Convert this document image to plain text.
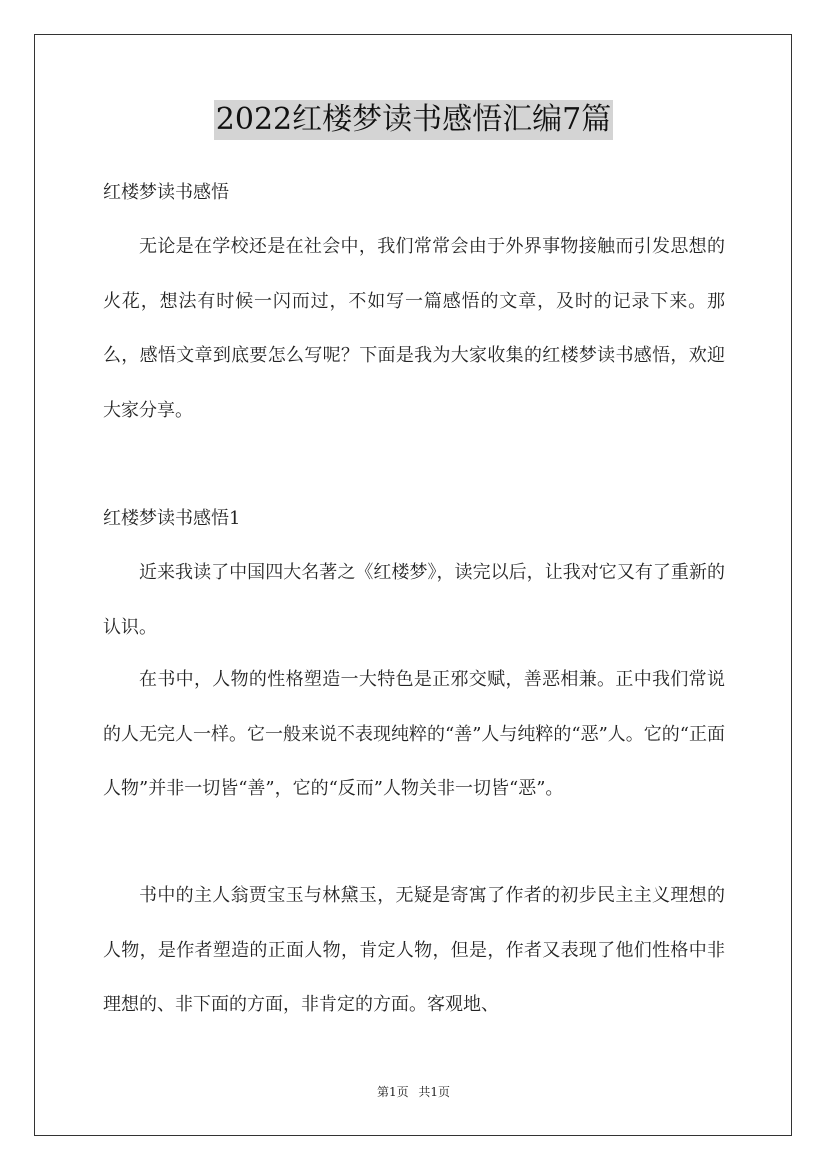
2022红楼梦读书感悟汇编7篇
红楼梦读书感悟

无论是在学校还是在社会中，我们常常会由于外界事物接触而引发思想的火花，想法有时候一闪而过，不如写一篇感悟的文章，及时的记录下来。那么，感悟文章到底要怎么写呢？下面是我为大家收集的红楼梦读书感悟，欢迎大家分享。

红楼梦读书感悟1

近来我读了中国四大名著之《红楼梦》，读完以后，让我对它又有了重新的认识。

在书中，人物的性格塑造一大特色是正邪交赋，善恶相兼。正中我们常说的人无完人一样。它一般来说不表现纯粹的“善”人与纯粹的“恶”人。它的“正面人物”并非一切皆“善”，它的“反而”人物关非一切皆“恶”。

书中的主人翁贾宝玉与林黛玉，无疑是寄寓了作者的初步民主主义理想的人物，是作者塑造的正面人物，肯定人物，但是，作者又表现了他们性格中非理想的、非下面的方面，非肯定的方面。客观地、

第1页 共1页
